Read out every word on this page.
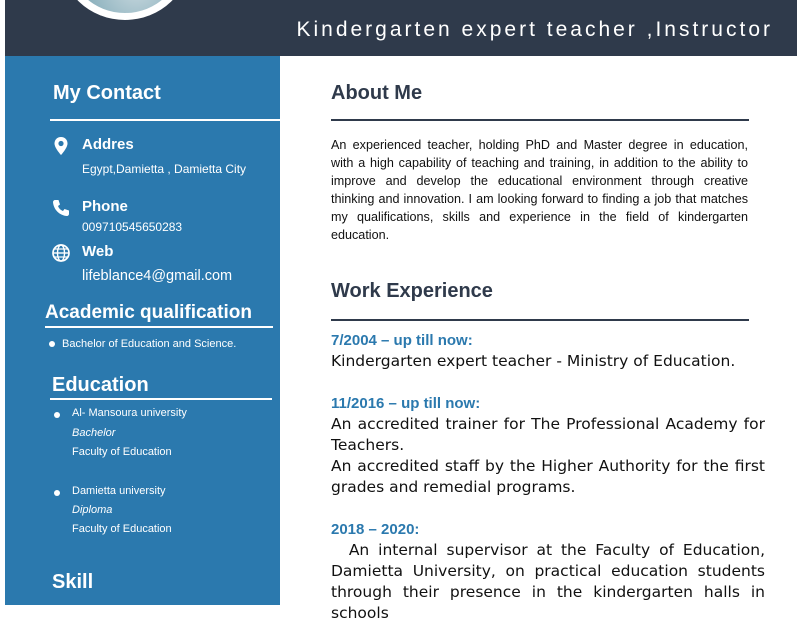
Kindergarten expert teacher ,Instructor
My Contact
Addres
Egypt,Damietta , Damietta City
Phone
009710545650283
Web
lifeblance4@gmail.com
Academic qualification
Bachelor of Education and Science.
Education
Al- Mansoura university
Bachelor
Faculty of Education
Damietta university
Diploma
Faculty of Education
Skill
About Me
An experienced teacher, holding PhD and Master degree in education, with a high capability of teaching and training, in addition to the ability to improve and develop the educational environment through creative thinking and innovation. I am looking forward to finding a job that matches my qualifications, skills and experience in the field of kindergarten education.
Work Experience
7/2004 – up till now:

Kindergarten expert teacher - Ministry of Education.

11/2016 – up till now:

An accredited trainer for The Professional Academy for Teachers.

An accredited staff by the Higher Authority for the first grades and remedial programs.

2018 – 2020:

An internal supervisor at the Faculty of Education, Damietta University, on practical education students through their presence in the kindergarten halls in schools
